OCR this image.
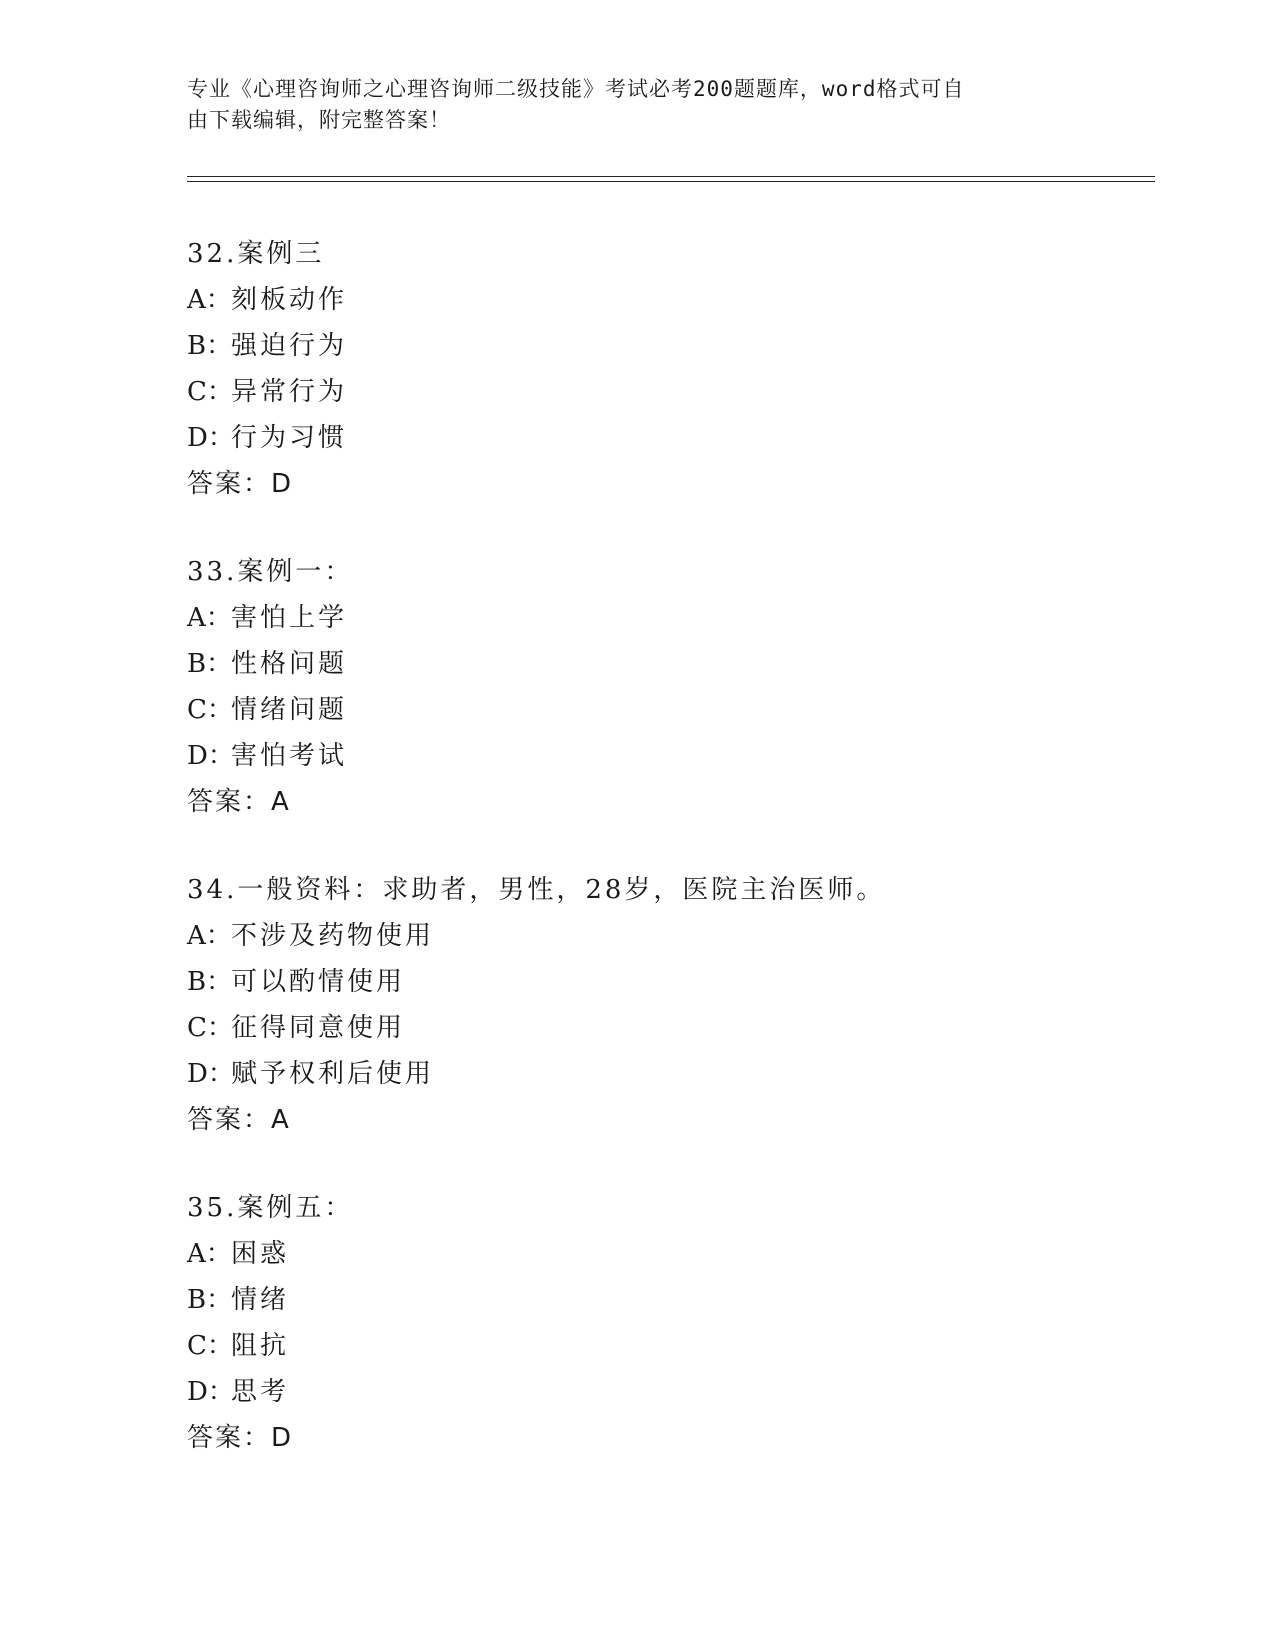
专业《心理咨询师之心理咨询师二级技能》考试必考200题题库，word格式可自
由下载编辑，附完整答案！
32.案例三
A：刻板动作
B：强迫行为
C：异常行为
D：行为习惯
答案：D
33.案例一：
A：害怕上学
B：性格问题
C：情绪问题
D：害怕考试
答案：A
34.一般资料：求助者，男性，28岁，医院主治医师。
A：不涉及药物使用
B：可以酌情使用
C：征得同意使用
D：赋予权利后使用
答案：A
35.案例五：
A：困惑
B：情绪
C：阻抗
D：思考
答案：D
